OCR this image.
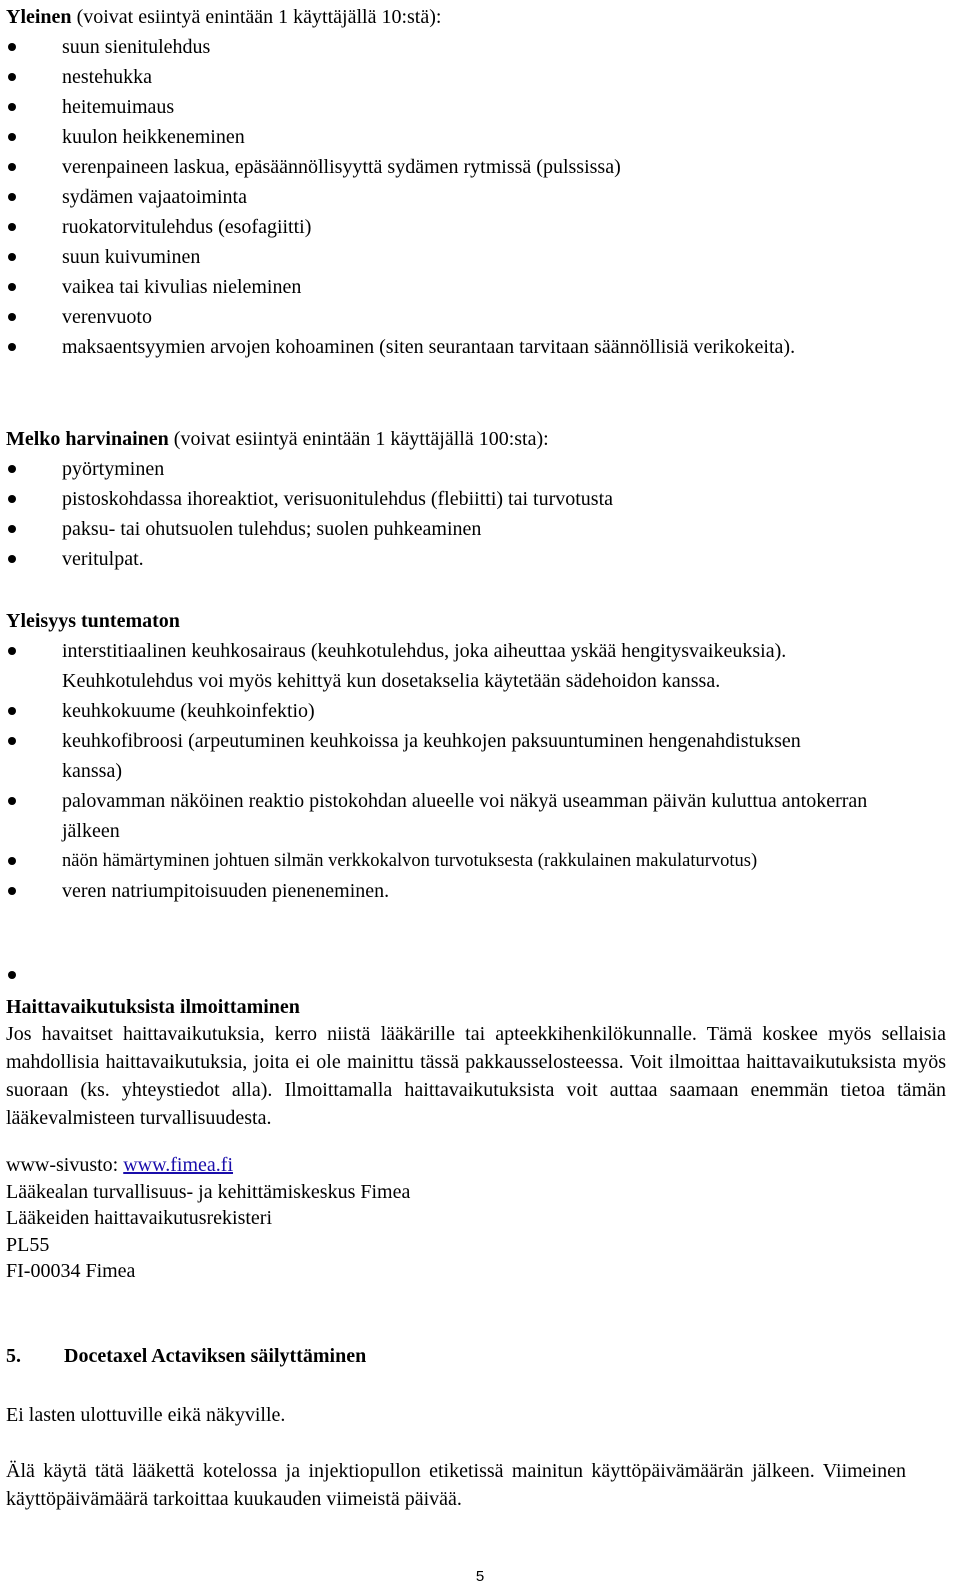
Yleinen (voivat esiintyä enintään 1 käyttäjällä 10:stä):
suun sienitulehdus
nestehukka
heitemuimaus
kuulon heikkeneminen
verenpaineen laskua, epäsäännöllisyyttä sydämen rytmissä (pulssissa)
sydämen vajaatoiminta
ruokatorvitulehdus (esofagiitti)
suun kuivuminen
vaikea tai kivulias nieleminen
verenvuoto
maksaentsyymien arvojen kohoaminen (siten seurantaan tarvitaan säännöllisiä verikokeita).
Melko harvinainen (voivat esiintyä enintään 1 käyttäjällä 100:sta):
pyörtyminen
pistoskohdassa ihoreaktiot, verisuonitulehdus (flebiitti) tai turvotusta
paksu- tai ohutsuolen tulehdus; suolen puhkeaminen
veritulpat.
Yleisyys tuntematon
interstitiaalinen keuhkosairaus (keuhkotulehdus, joka aiheuttaa yskää hengitysvaikeuksia). Keuhkotulehdus voi myös kehittyä kun dosetakselia käytetään sädehoidon kanssa.
keuhkokuume (keuhkoinfektio)
keuhkofibroosi (arpeutuminen keuhkoissa ja keuhkojen paksuuntuminen hengenahdistuksen kanssa)
palovamman näköinen reaktio pistokohdan alueelle voi näkyä useamman päivän kuluttua antokerran jälkeen
näön hämärtyminen johtuen silmän verkkokalvon turvotuksesta (rakkulainen makulaturvotus)
veren natriumpitoisuuden pieneneminen.
Haittavaikutuksista ilmoittaminen

Jos havaitset haittavaikutuksia, kerro niistä lääkärille tai apteekkihenkilökunnalle. Tämä koskee myös sellaisia mahdollisia haittavaikutuksia, joita ei ole mainittu tässä pakkausselosteessa. Voit ilmoittaa haittavaikutuksista myös suoraan (ks. yhteystiedot alla). Ilmoittamalla haittavaikutuksista voit auttaa saamaan enemmän tietoa tämän lääkevalmisteen turvallisuudesta.

www-sivusto: www.fimea.fi
Lääkealan turvallisuus- ja kehittämiskeskus Fimea
Lääkeiden haittavaikutusrekisteri
PL55
FI-00034 Fimea
5. Docetaxel Actaviksen säilyttäminen

Ei lasten ulottuville eikä näkyville.

Älä käytä tätä lääkettä kotelossa ja injektiopullon etiketissä mainitun käyttöpäivämäärän jälkeen. Viimeinen käyttöpäivämäärä tarkoittaa kuukauden viimeistä päivää.

5
